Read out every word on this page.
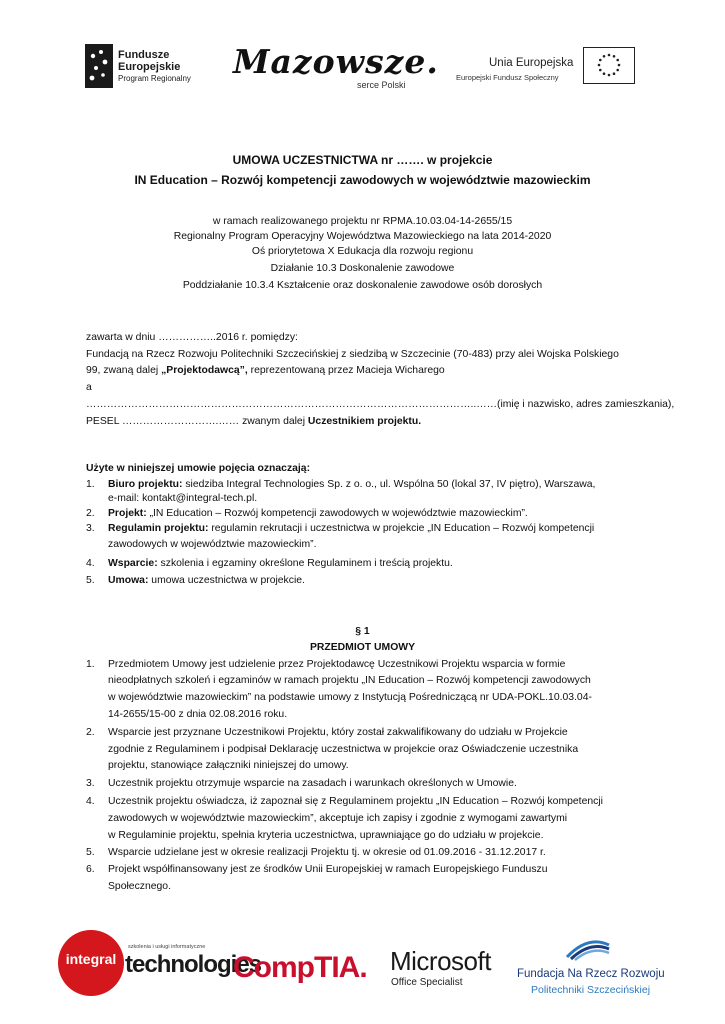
Fundusze
Europejskie
Program Regionalny Mazowsze.
serce Polski
Unia Europejska
Europejski Fundusz Społeczny
UMOWA UCZESTNICTWA nr ……. w projekcie
IN Education – Rozwój kompetencji zawodowych w województwie mazowieckim
w ramach realizowanego projektu nr RPMA.10.03.04-14-2655/15
Regionalny Program Operacyjny Województwa Mazowieckiego na lata 2014-2020
Oś priorytetowa X Edukacja dla rozwoju regionu
Działanie 10.3 Doskonalenie zawodowe
Poddziałanie 10.3.4 Kształcenie oraz doskonalenie zawodowe osób dorosłych
zawarta w dniu ……………..2016 r. pomiędzy:
Fundacją na Rzecz Rozwoju Politechniki Szczecińskiej z siedzibą w Szczecinie (70-483) przy alei Wojska Polskiego
99, zwaną dalej „Projektodawcą”, reprezentowaną przez Macieja Wicharego
a
…………………………………………………………………………………………………..……(imię i nazwisko, adres zamieszkania),
PESEL ……………………….…… zwanym dalej Uczestnikiem projektu.
Użyte w niniejszej umowie pojęcia oznaczają:
1. Biuro projektu: siedziba Integral Technologies Sp. z o. o., ul. Wspólna 50 (lokal 37, IV piętro), Warszawa,
e-mail: kontakt@integral-tech.pl.
2. Projekt: „IN Education – Rozwój kompetencji zawodowych w województwie mazowieckim”.
3. Regulamin projektu: regulamin rekrutacji i uczestnictwa w projekcie „IN Education – Rozwój kompetencji
zawodowych w województwie mazowieckim”.
4. Wsparcie: szkolenia i egzaminy określone Regulaminem i treścią projektu.
5. Umowa: umowa uczestnictwa w projekcie.
§ 1
PRZEDMIOT UMOWY
1. Przedmiotem Umowy jest udzielenie przez Projektodawcę Uczestnikowi Projektu wsparcia w formie
nieodpłatnych szkoleń i egzaminów w ramach projektu „IN Education – Rozwój kompetencji zawodowych
w województwie mazowieckim” na podstawie umowy z Instytucją Pośredniczącą nr UDA-POKL.10.03.04-
14-2655/15-00 z dnia 02.08.2016 roku.
2. Wsparcie jest przyznane Uczestnikowi Projektu, który został zakwalifikowany do udziału w Projekcie
zgodnie z Regulaminem i podpisał Deklarację uczestnictwa w projekcie oraz Oświadczenie uczestnika
projektu, stanowiące załączniki niniejszej do umowy.
3. Uczestnik projektu otrzymuje wsparcie na zasadach i warunkach określonych w Umowie.
4. Uczestnik projektu oświadcza, iż zapoznał się z Regulaminem projektu „IN Education – Rozwój kompetencji
zawodowych w województwie mazowieckim”, akceptuje ich zapisy i zgodnie z wymogami zawartymi
w Regulaminie projektu, spełnia kryteria uczestnictwa, uprawniające go do udziału w projekcie.
5. Wsparcie udzielane jest w okresie realizacji Projektu tj. w okresie od 01.09.2016 - 31.12.2017 r.
6. Projekt współfinansowany jest ze środków Unii Europejskiej w ramach Europejskiego Funduszu
Społecznego.
integral
szkolenia i usługi informatyczne
technologies
CompTIA. Microsoft
Office Specialist
Fundacja Na Rzecz Rozwoju
Politechniki Szczecińskiej
